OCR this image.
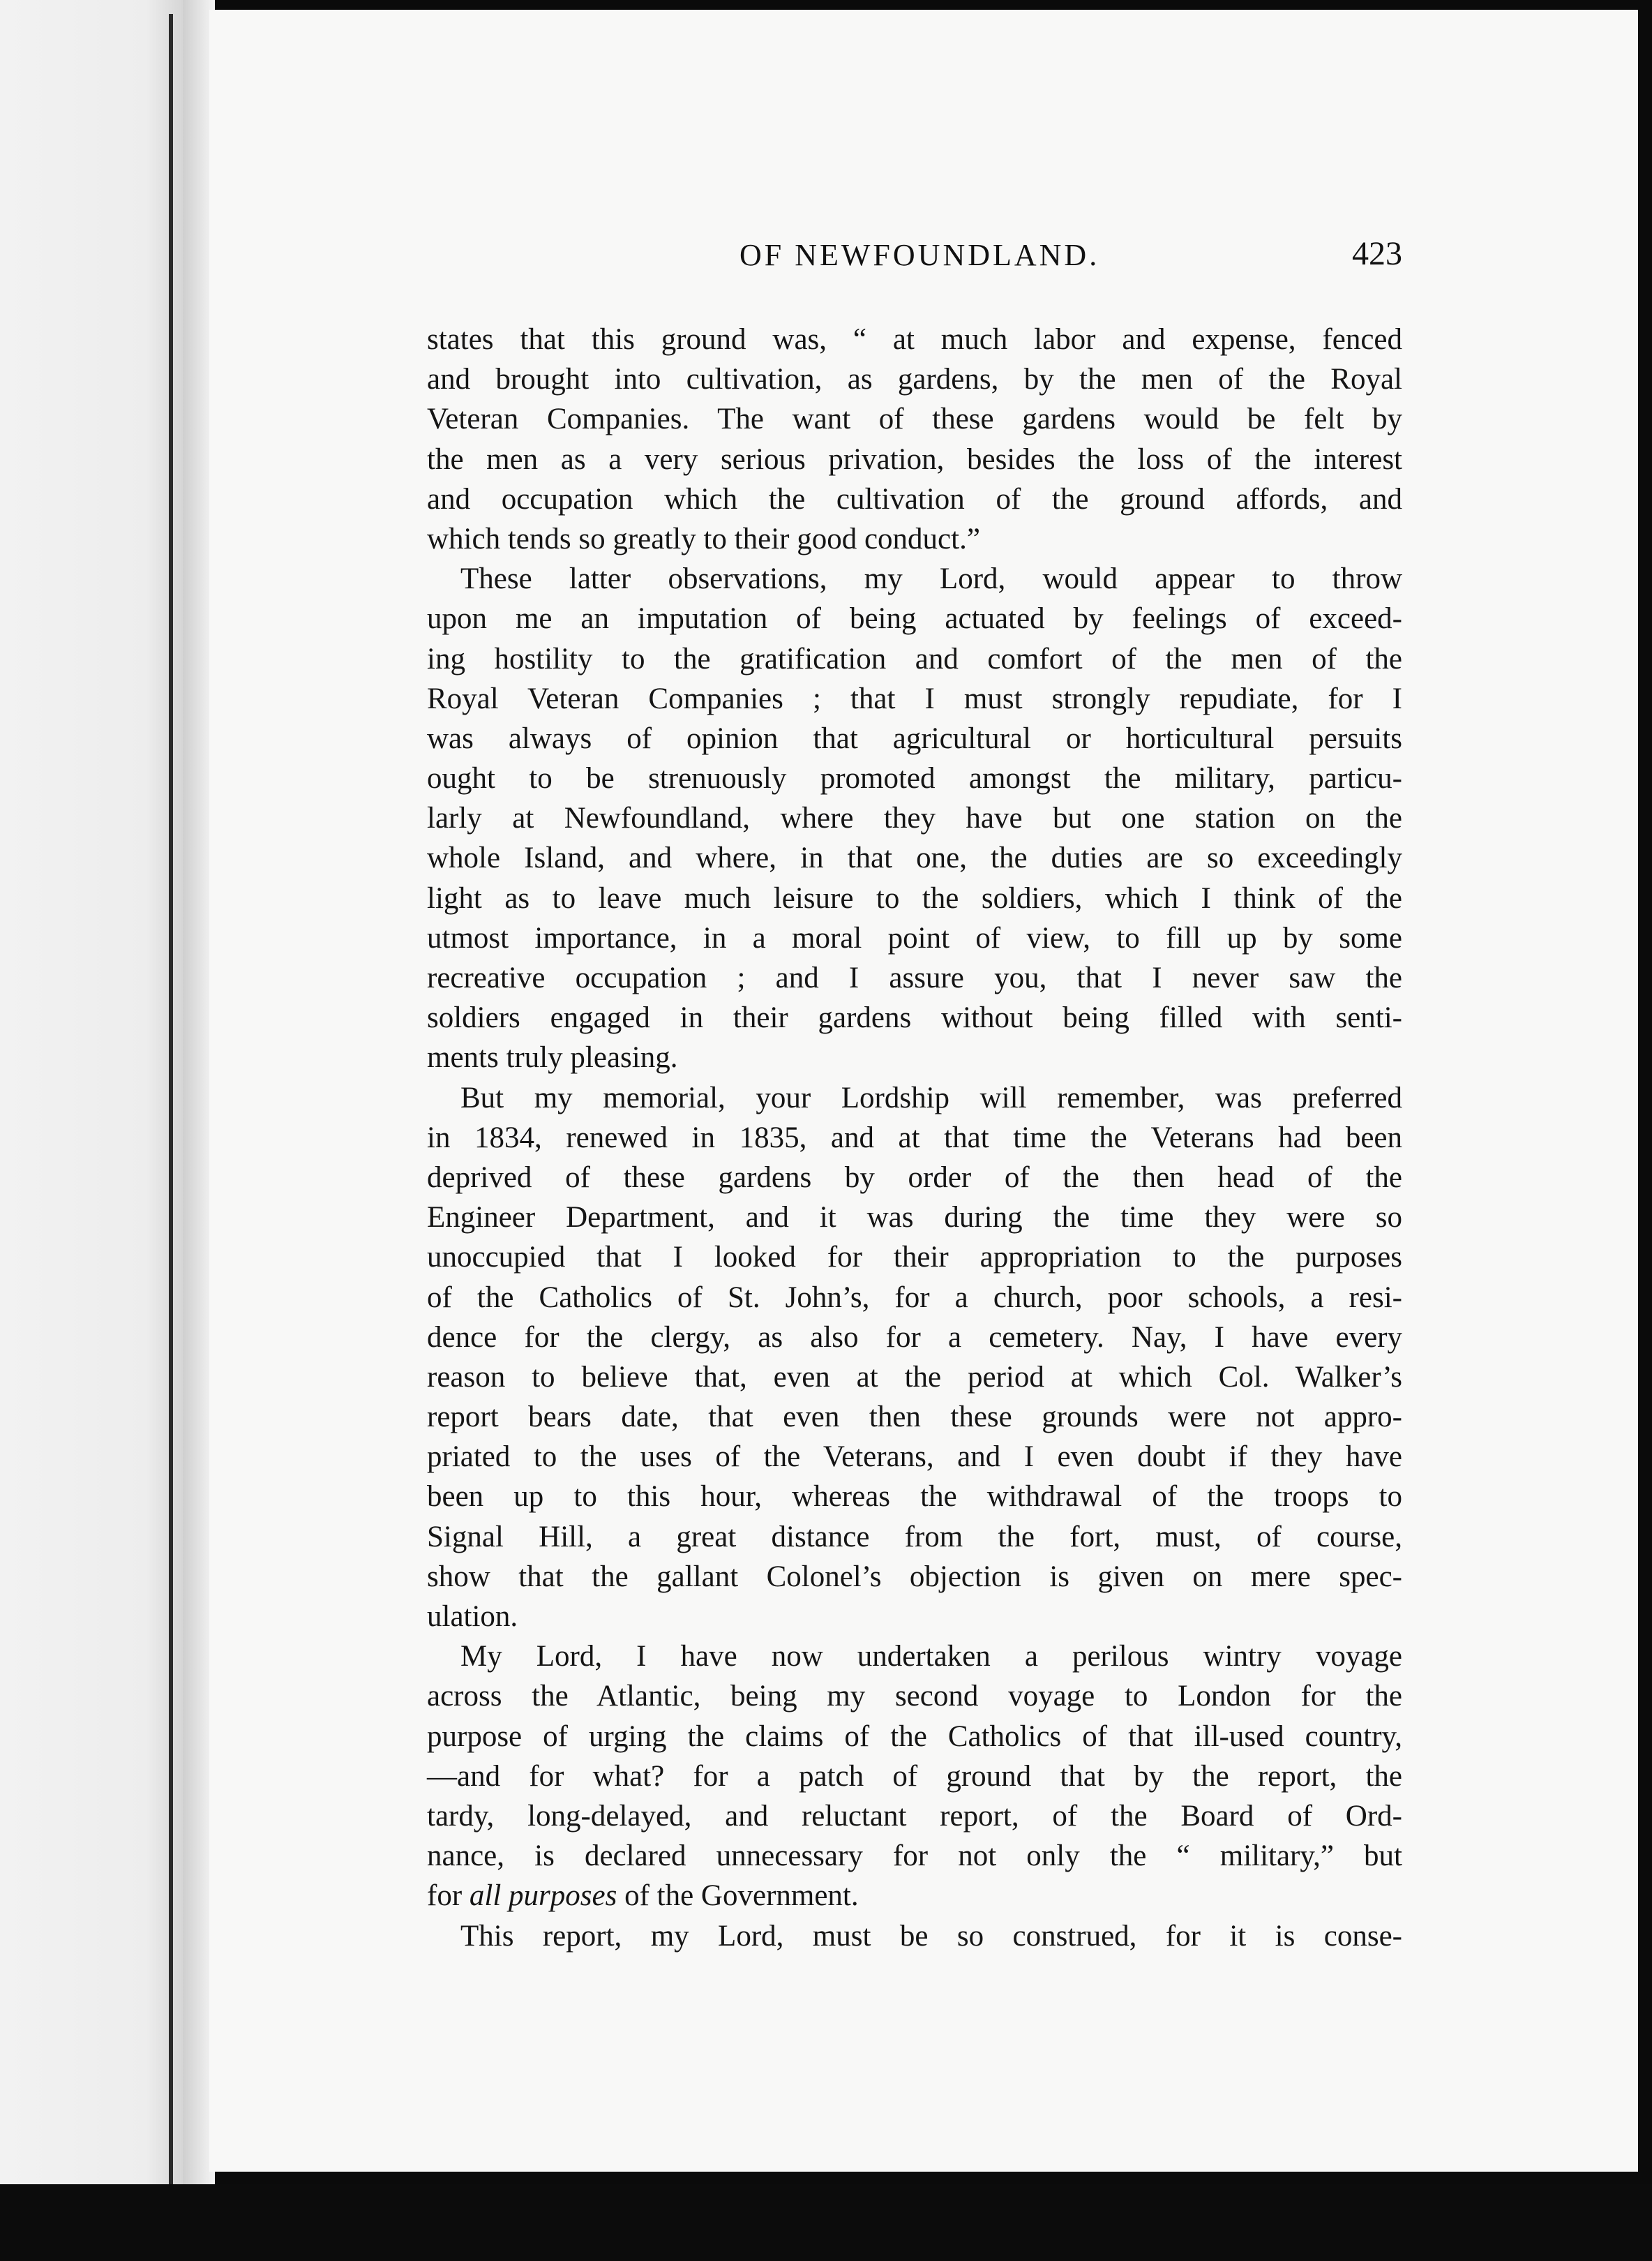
OF NEWFOUNDLAND.	423
states that this ground was, “ at much labor and expense, fenced
and brought into cultivation, as gardens, by the men of the Royal
Veteran Companies. The want of these gardens would be felt by
the men as a very serious privation, besides the loss of the interest
and occupation which the cultivation of the ground affords, and
which tends so greatly to their good conduct.”
These latter observations, my Lord, would appear to throw
upon me an imputation of being actuated by feelings of exceed-
ing hostility to the gratification and comfort of the men of the
Royal Veteran Companies ; that I must strongly repudiate, for I
was always of opinion that agricultural or horticultural persuits
ought to be strenuously promoted amongst the military, particu-
larly at Newfoundland, where they have but one station on the
whole Island, and where, in that one, the duties are so exceedingly
light as to leave much leisure to the soldiers, which I think of the
utmost importance, in a moral point of view, to fill up by some
recreative occupation ; and I assure you, that I never saw the
soldiers engaged in their gardens without being filled with senti-
ments truly pleasing.
But my memorial, your Lordship will remember, was preferred
in 1834, renewed in 1835, and at that time the Veterans had been
deprived of these gardens by order of the then head of the
Engineer Department, and it was during the time they were so
unoccupied that I looked for their appropriation to the purposes
of the Catholics of St. John’s, for a church, poor schools, a resi-
dence for the clergy, as also for a cemetery. Nay, I have every
reason to believe that, even at the period at which Col. Walker’s
report bears date, that even then these grounds were not appro-
priated to the uses of the Veterans, and I even doubt if they have
been up to this hour, whereas the withdrawal of the troops to
Signal Hill, a great distance from the fort, must, of course,
show that the gallant Colonel’s objection is given on mere spec-
ulation.
My Lord, I have now undertaken a perilous wintry voyage
across the Atlantic, being my second voyage to London for the
purpose of urging the claims of the Catholics of that ill-used country,
—and for what? for a patch of ground that by the report, the
tardy, long-delayed, and reluctant report, of the Board of Ord-
nance, is declared unnecessary for not only the “ military,” but
for all purposes of the Government.
This report, my Lord, must be so construed, for it is conse-
